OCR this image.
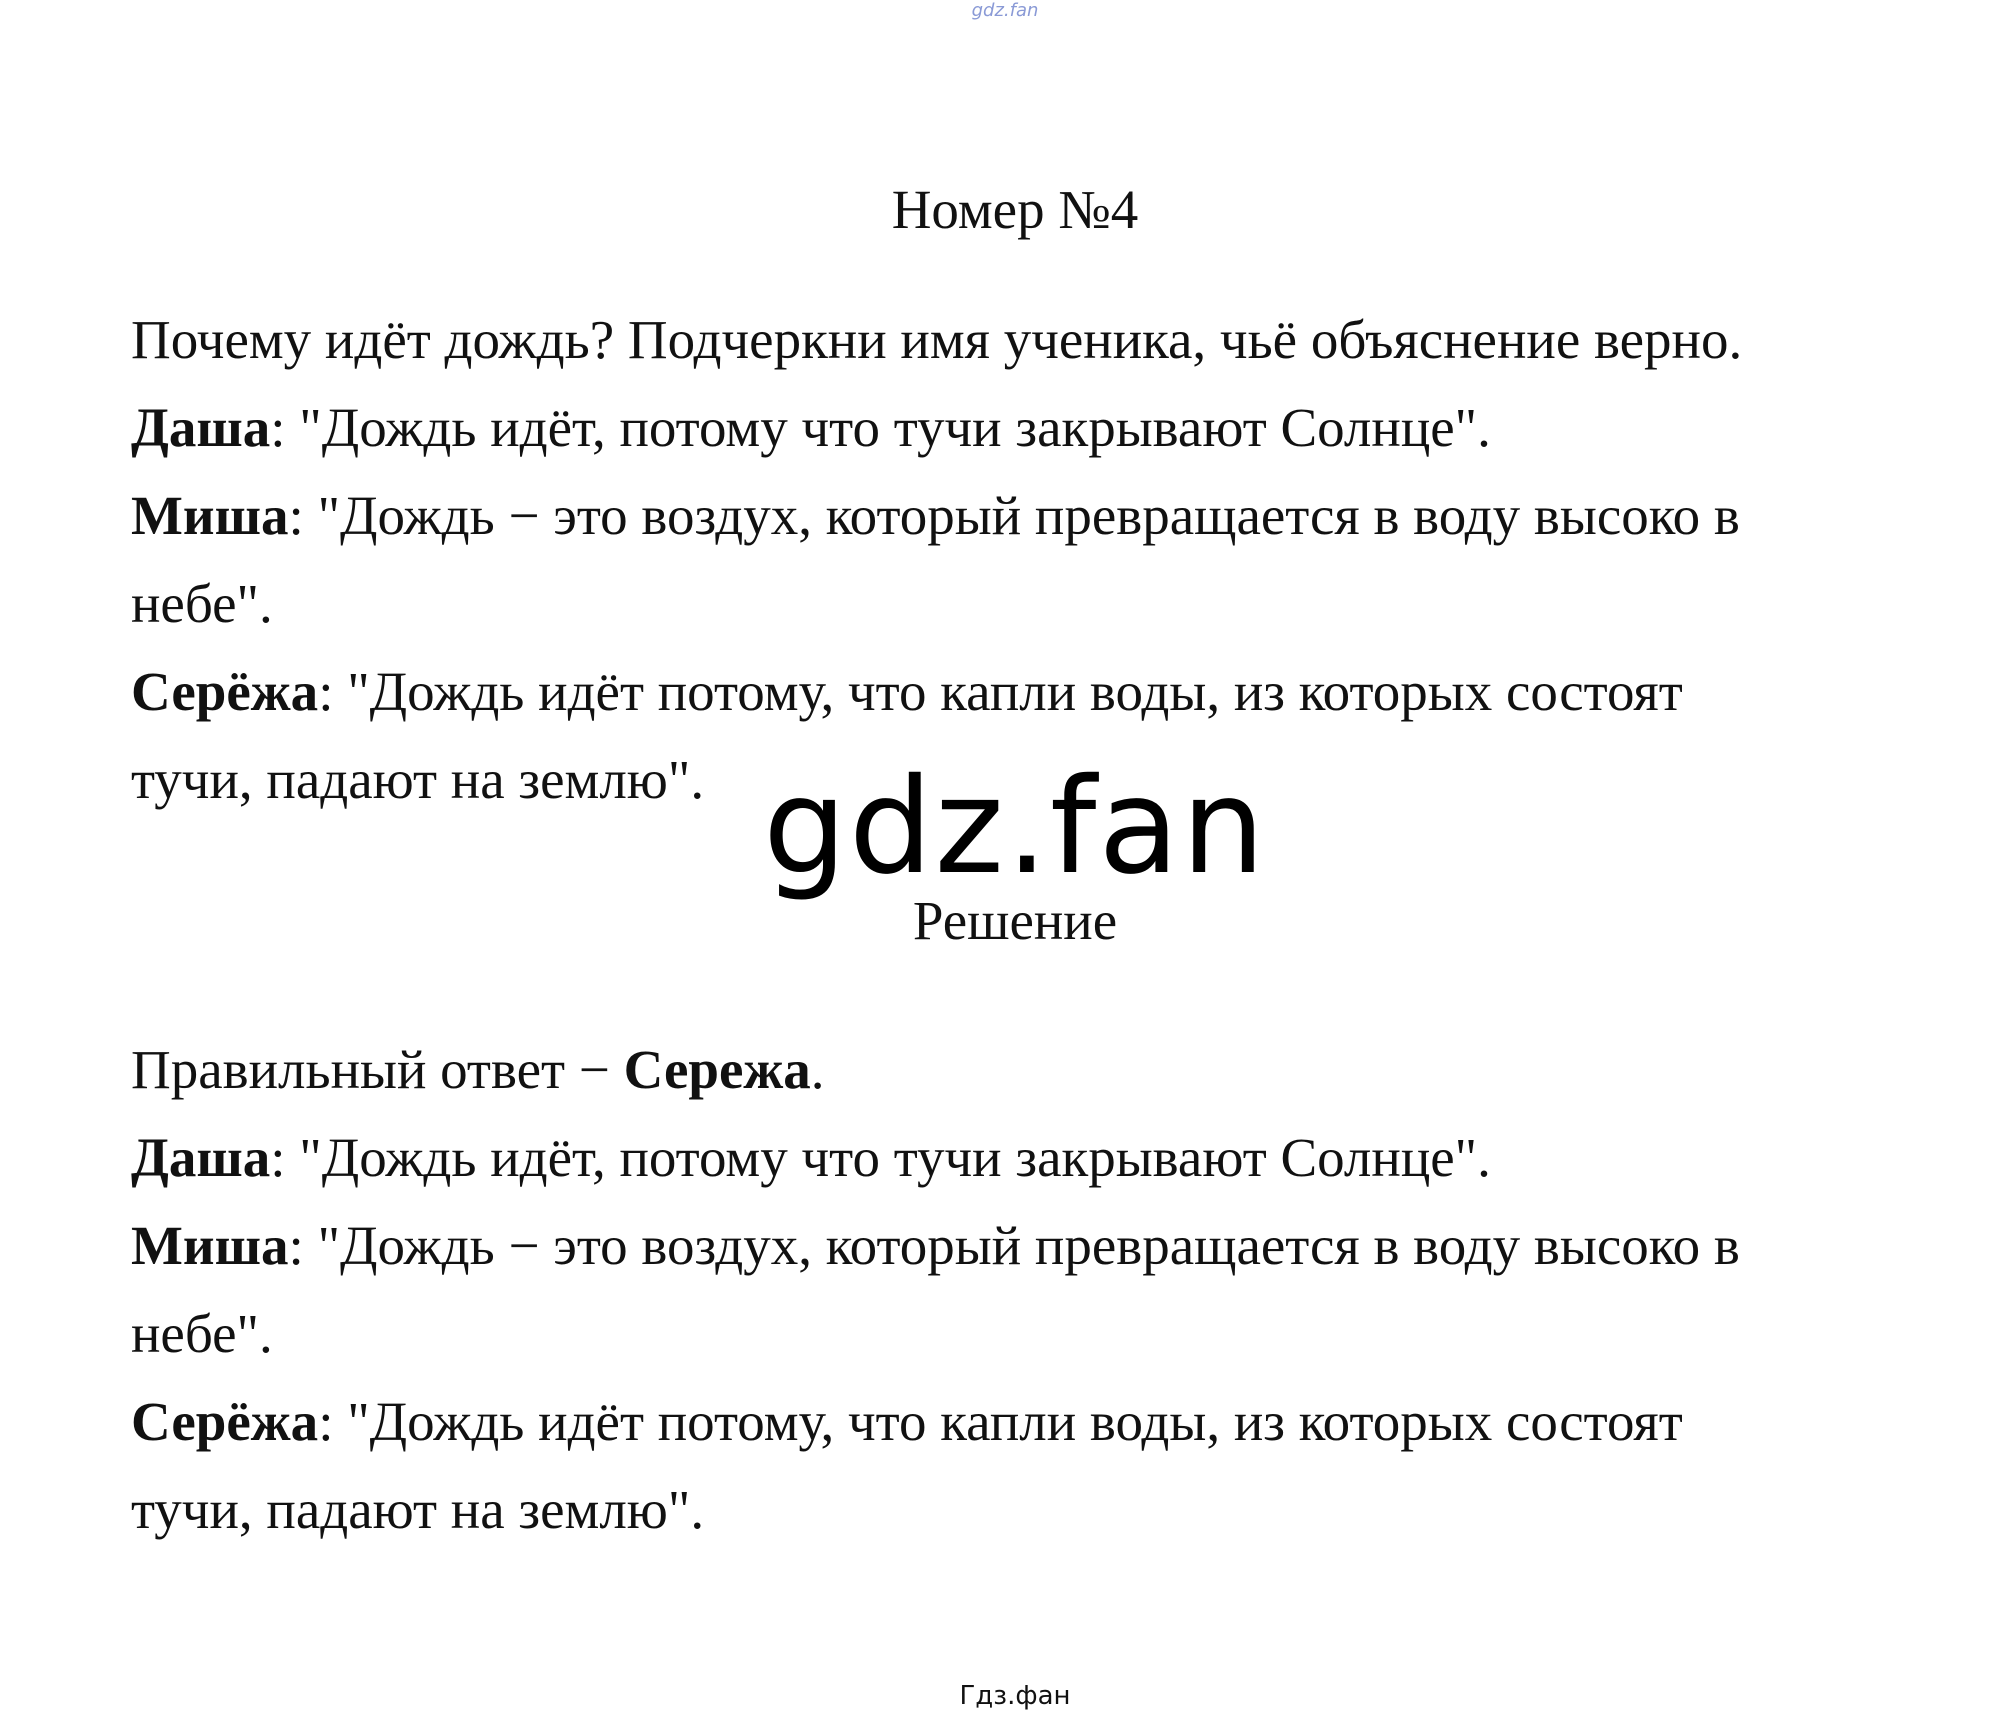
gdz.fan
Номер №4

Почему идёт дождь? Подчеркни имя ученика, чьё объяснение верно.

Даша: "Дождь идёт, потому что тучи закрывают Солнце".

Миша: "Дождь − это воздух, который превращается в воду высоко в
небе".

Серёжа: "Дождь идёт потому, что капли воды, из которых состоят
тучи, падают на землю". gdz.fan
Решение

Правильный ответ − Сережа.

Даша: "Дождь идёт, потому что тучи закрывают Солнце".

Миша: "Дождь − это воздух, который превращается в воду высоко в
небе".

Серёжа: "Дождь идёт потому, что капли воды, из которых состоят
тучи, падают на землю".

Гдз.фан
